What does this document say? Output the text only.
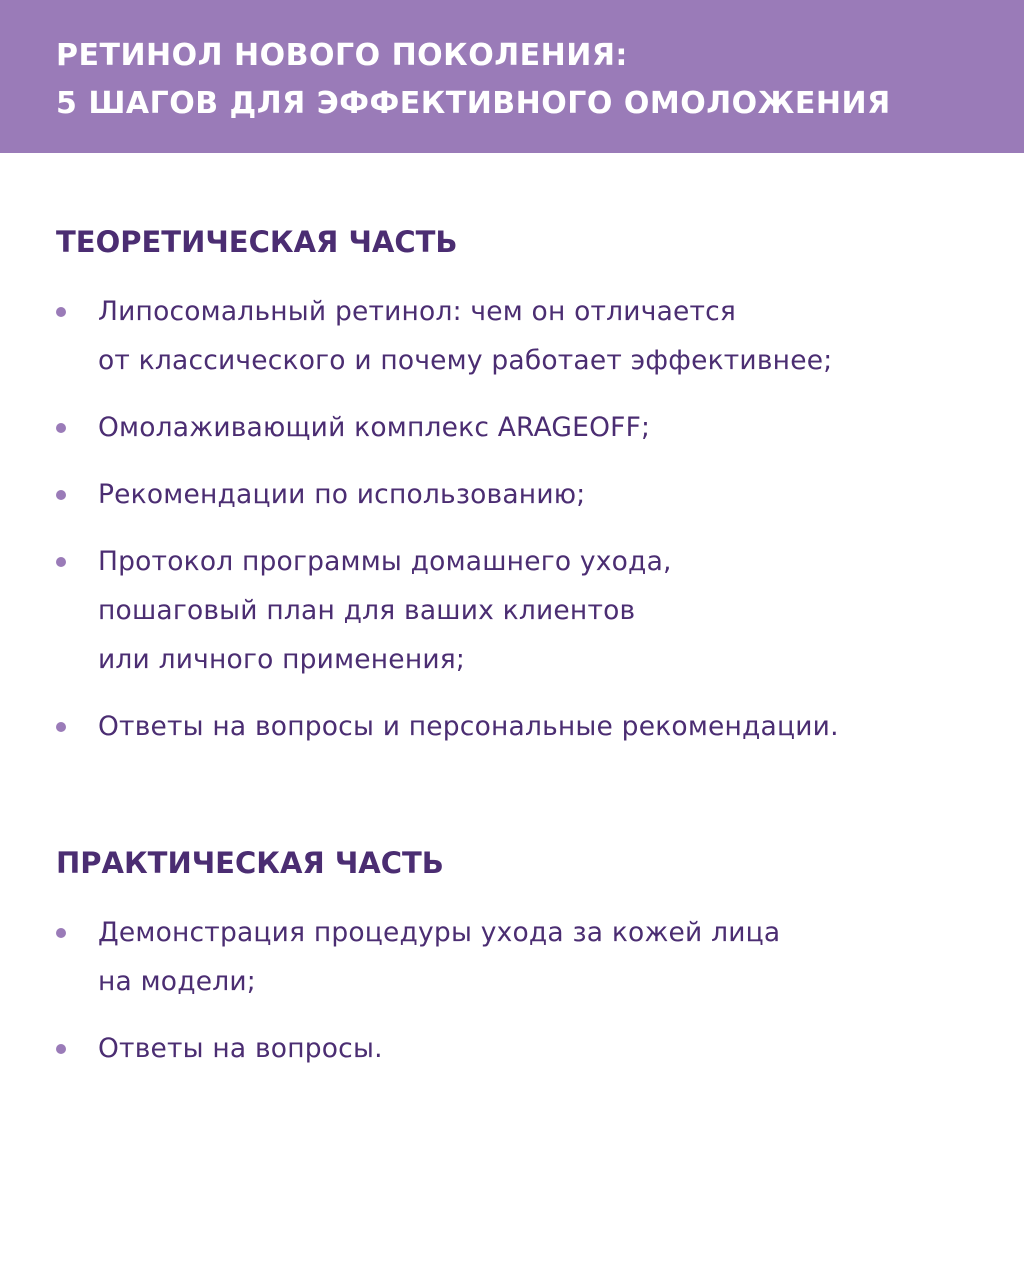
РЕТИНОЛ НОВОГО ПОКОЛЕНИЯ:
5 ШАГОВ ДЛЯ ЭФФЕКТИВНОГО ОМОЛОЖЕНИЯ
ТЕОРЕТИЧЕСКАЯ ЧАСТЬ
Липосомальный ретинол: чем он отличается
от классического и почему работает эффективнее;
Омолаживающий комплекс ARAGEOFF;
Рекомендации по использованию;
Протокол программы домашнего ухода,
пошаговый план для ваших клиентов
или личного применения;
Ответы на вопросы и персональные рекомендации.
ПРАКТИЧЕСКАЯ ЧАСТЬ
Демонстрация процедуры ухода за кожей лица
на модели;
Ответы на вопросы.
